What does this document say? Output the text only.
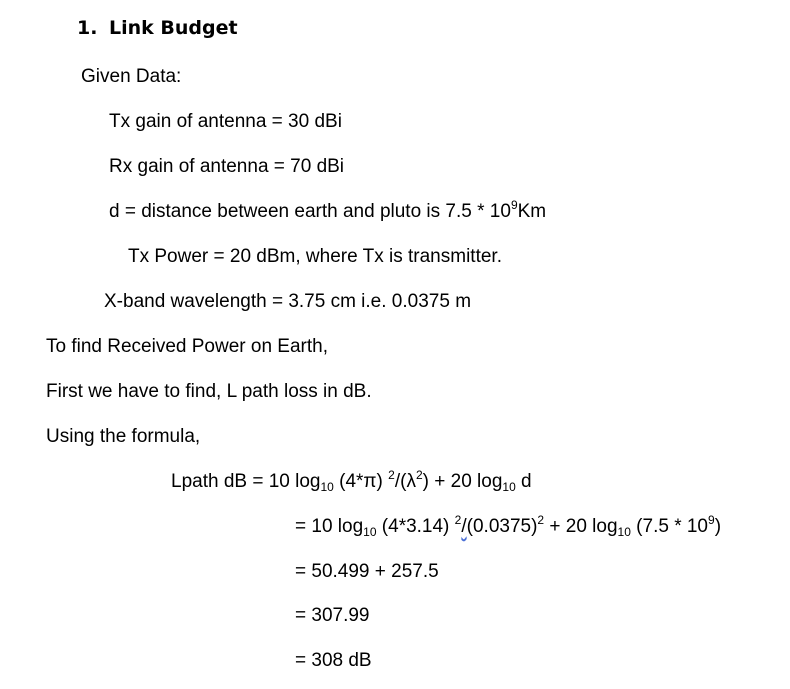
1. Link Budget
Given Data:
Tx gain of antenna = 30 dBi
Rx gain of antenna = 70 dBi
d = distance between earth and pluto is $7.5 * 10^9Km$
Tx Power = 20 dBm, where Tx is transmitter.
X-band wavelength = 3.75 cm i.e. 0.0375 m
To find Received Power on Earth,
First we have to find, L path loss in dB.
Using the formula,
Lpath dB = 10 $\log_{10} (4*\pi) ^2/(\lambda^2) + 20$ $\log_{10} d$
= 10 $\log_{10} (4*3.14) ^2/(0.0375)^2 + 20$ $\log_{10} (7.5 * 10^9)$
= 50.499 + 257.5
= 307.99
= 308 dB
